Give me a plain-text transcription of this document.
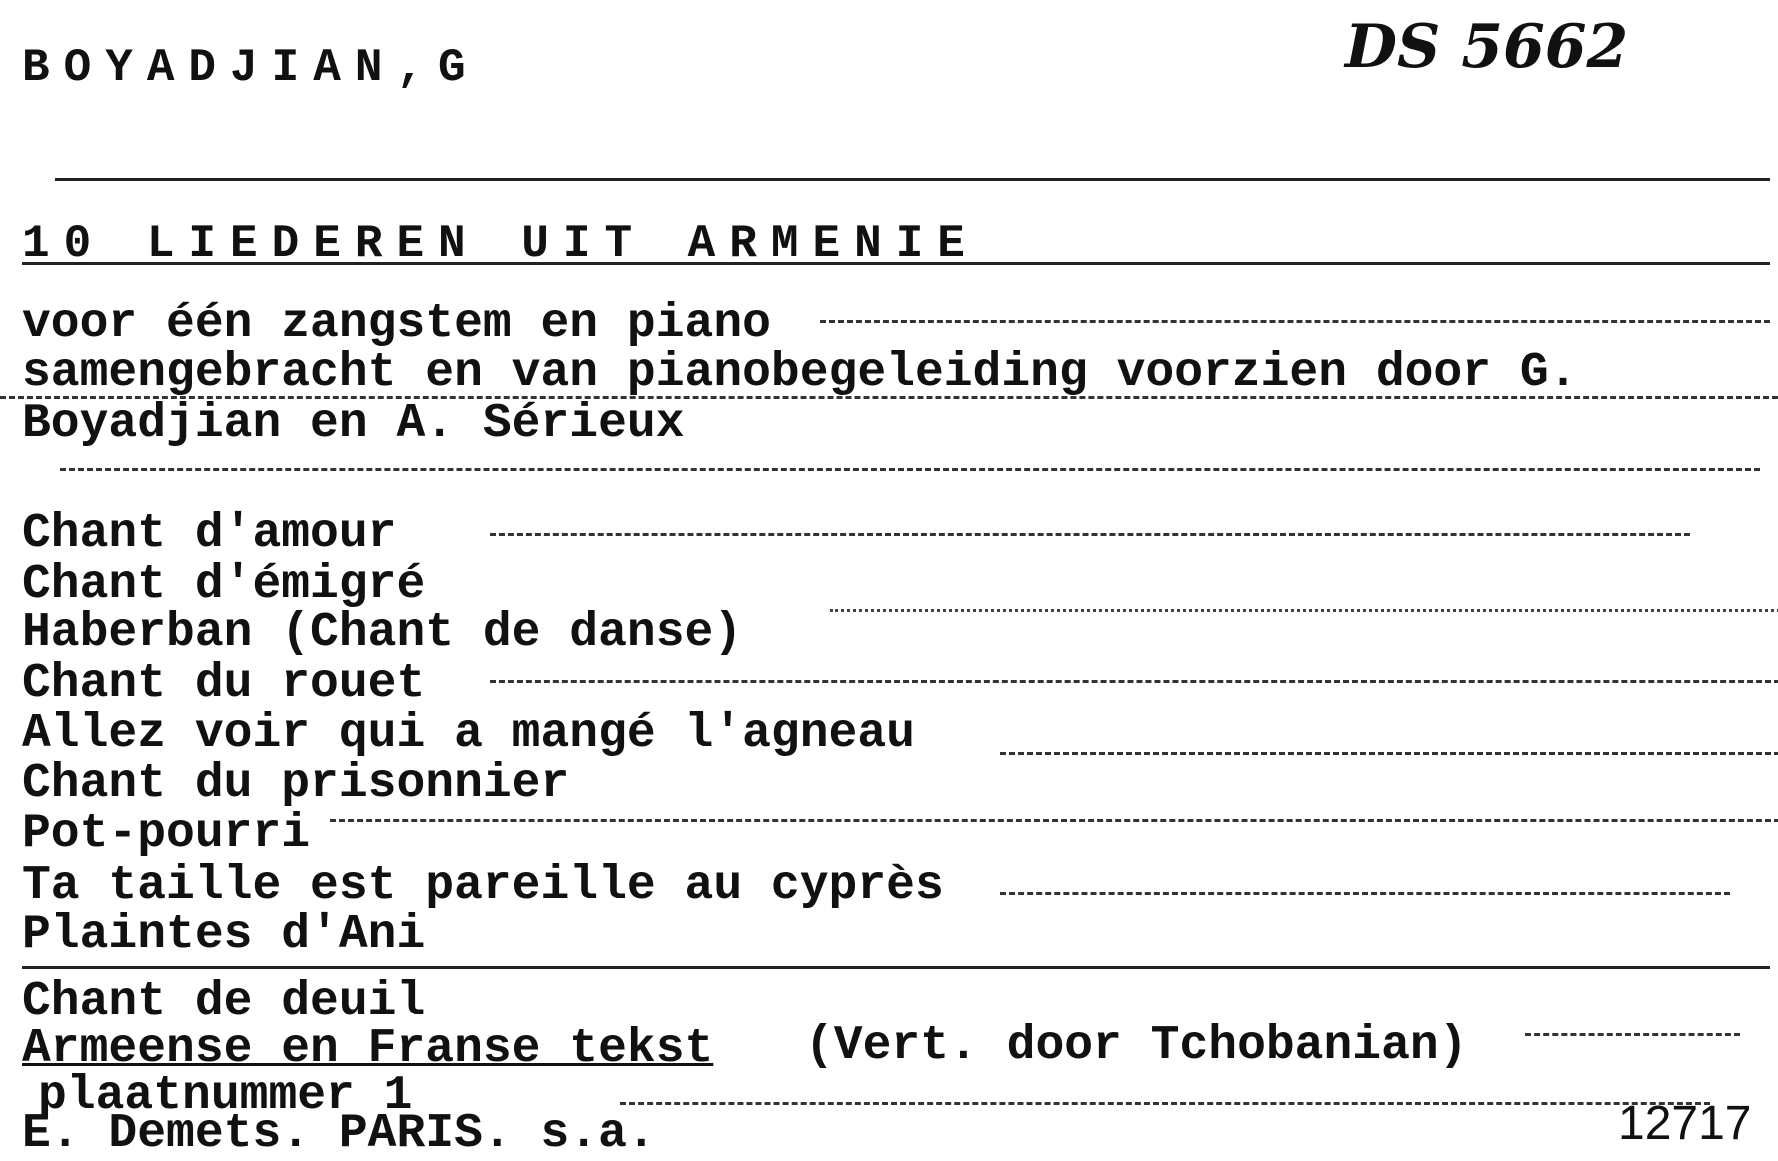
BOYADJIAN,G	DS 5662
10 LIEDEREN UIT ARMENIE
voor één zangstem en piano
samengebracht en van pianobegeleiding voorzien door G.
Boyadjian en A. Sérieux
Chant d'amour
Chant d'émigré
Haberban (Chant de danse)
Chant du rouet
Allez voir qui a mangé l'agneau
Chant du prisonnier
Pot-pourri
Ta taille est pareille au cyprès
Plaintes d'Ani
Chant de deuil
Armeense en Franse tekst (Vert. door Tchobanian)
plaatnummer 1
E. Demets. PARIS. s.a.	12717
